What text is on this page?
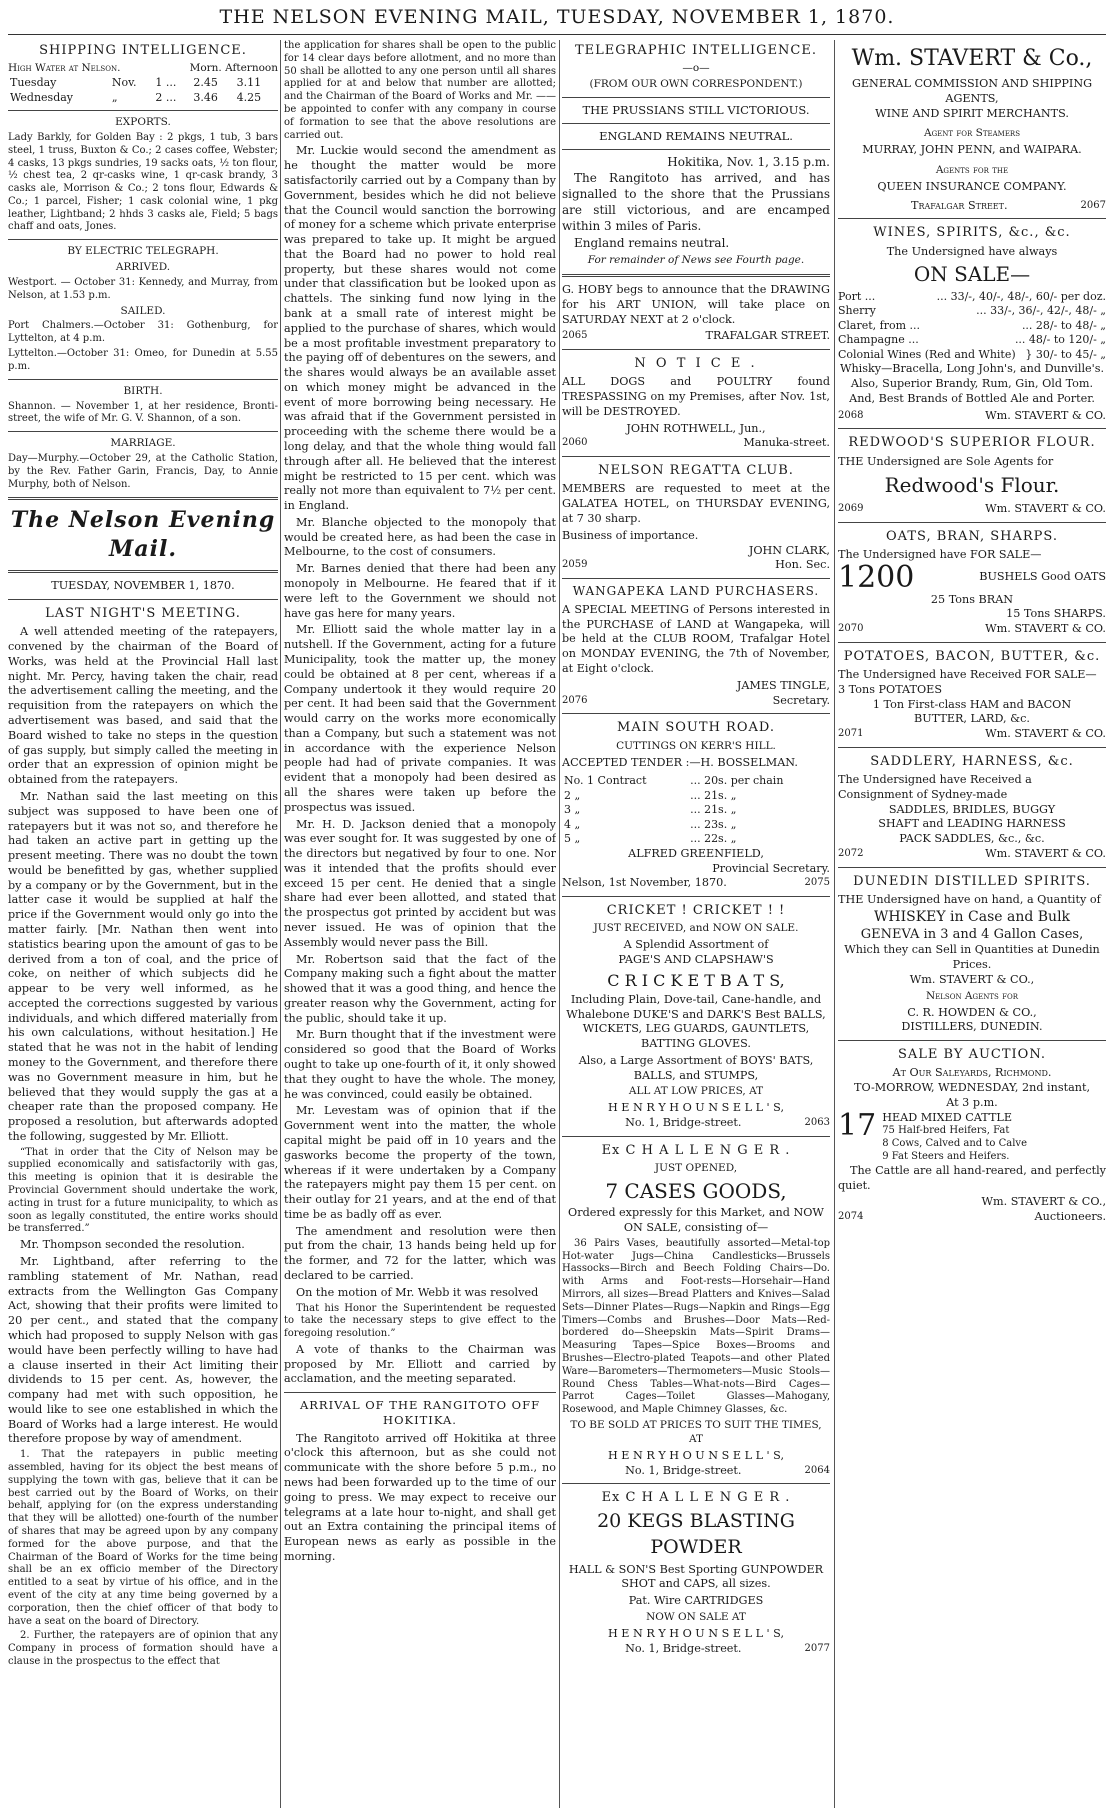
THE NELSON EVENING MAIL, TUESDAY, NOVEMBER 1, 1870.
SHIPPING INTELLIGENCE.
High Water at Nelson.	Morn. Afternoon
Tuesday	Nov.	1 ...	2.45	3.11
Wednesday	„	2 ...	3.46	4.25
EXPORTS.

Lady Barkly, for Golden Bay : 2 pkgs, 1 tub, 3 bars steel, 1 truss, Buxton & Co.; 2 cases coffee, Webster; 4 casks, 13 pkgs sundries, 19 sacks oats, ½ ton flour, ½ chest tea, 2 qr-casks wine, 1 qr-cask brandy, 3 casks ale, Morrison & Co.; 2 tons flour, Edwards & Co.; 1 parcel, Fisher; 1 cask colonial wine, 1 pkg leather, Lightband; 2 hhds 3 casks ale, Field; 5 bags chaff and oats, Jones.

BY ELECTRIC TELEGRAPH.
ARRIVED.

Westport. — October 31: Kennedy, and Murray, from Nelson, at 1.53 p.m.

SAILED.

Port Chalmers.—October 31: Gothenburg, for Lyttelton, at 4 p.m.

Lyttelton.—October 31: Omeo, for Dunedin at 5.55 p.m.

BIRTH.

Shannon. — November 1, at her residence, Bronti-street, the wife of Mr. G. V. Shannon, of a son.

MARRIAGE.

Day—Murphy.—October 29, at the Catholic Station, by the Rev. Father Garin, Francis, Day, to Annie Murphy, both of Nelson.

The Nelson Evening Mail.
TUESDAY, NOVEMBER 1, 1870.
LAST NIGHT'S MEETING.

A well attended meeting of the ratepayers, convened by the chairman of the Board of Works, was held at the Provincial Hall last night. Mr. Percy, having taken the chair, read the advertisement calling the meeting, and the requisition from the ratepayers on which the advertisement was based, and said that the Board wished to take no steps in the question of gas supply, but simply called the meeting in order that an expression of opinion might be obtained from the ratepayers.

Mr. Nathan said the last meeting on this subject was supposed to have been one of ratepayers but it was not so, and therefore he had taken an active part in getting up the present meeting. There was no doubt the town would be benefitted by gas, whether supplied by a company or by the Government, but in the latter case it would be supplied at half the price if the Government would only go into the matter fairly. [Mr. Nathan then went into statistics bearing upon the amount of gas to be derived from a ton of coal, and the price of coke, on neither of which subjects did he appear to be very well informed, as he accepted the corrections suggested by various individuals, and which differed materially from his own calculations, without hesitation.] He stated that he was not in the habit of lending money to the Government, and therefore there was no Government measure in him, but he believed that they would supply the gas at a cheaper rate than the proposed company. He proposed a resolution, but afterwards adopted the following, suggested by Mr. Elliott.

“That in order that the City of Nelson may be supplied economically and satisfactorily with gas, this meeting is opinion that it is desirable the Provincial Government should undertake the work, acting in trust for a future municipality, to which as soon as legally constituted, the entire works should be transferred.”

Mr. Thompson seconded the resolution.

Mr. Lightband, after referring to the rambling statement of Mr. Nathan, read extracts from the Wellington Gas Company Act, showing that their profits were limited to 20 per cent., and stated that the company which had proposed to supply Nelson with gas would have been perfectly willing to have had a clause inserted in their Act limiting their dividends to 15 per cent. As, however, the company had met with such opposition, he would like to see one established in which the Board of Works had a large interest. He would therefore propose by way of amendment.

1. That the ratepayers in public meeting assembled, having for its object the best means of supplying the town with gas, believe that it can be best carried out by the Board of Works, on their behalf, applying for (on the express understanding that they will be allotted) one-fourth of the number of shares that may be agreed upon by any company formed for the above purpose, and that the Chairman of the Board of Works for the time being shall be an ex officio member of the Directory entitled to a seat by virtue of his office, and in the event of the city at any time being governed by a corporation, then the chief officer of that body to have a seat on the board of Directory.

2. Further, the ratepayers are of opinion that any Company in process of formation should have a clause in the prospectus to the effect that

the application for shares shall be open to the public for 14 clear days before allotment, and no more than 50 shall be allotted to any one person until all shares applied for at and below that number are allotted; and the Chairman of the Board of Works and Mr. —— be appointed to confer with any company in course of formation to see that the above resolutions are carried out.

Mr. Luckie would second the amendment as he thought the matter would be more satisfactorily carried out by a Company than by Government, besides which he did not believe that the Council would sanction the borrowing of money for a scheme which private enterprise was prepared to take up. It might be argued that the Board had no power to hold real property, but these shares would not come under that classification but be looked upon as chattels. The sinking fund now lying in the bank at a small rate of interest might be applied to the purchase of shares, which would be a most profitable investment preparatory to the paying off of debentures on the sewers, and the shares would always be an available asset on which money might be advanced in the event of more borrowing being necessary. He was afraid that if the Government persisted in proceeding with the scheme there would be a long delay, and that the whole thing would fall through after all. He believed that the interest might be restricted to 15 per cent. which was really not more than equivalent to 7½ per cent. in England.

Mr. Blanche objected to the monopoly that would be created here, as had been the case in Melbourne, to the cost of consumers.

Mr. Barnes denied that there had been any monopoly in Melbourne. He feared that if it were left to the Government we should not have gas here for many years.

Mr. Elliott said the whole matter lay in a nutshell. If the Government, acting for a future Municipality, took the matter up, the money could be obtained at 8 per cent, whereas if a Company undertook it they would require 20 per cent. It had been said that the Government would carry on the works more economically than a Company, but such a statement was not in accordance with the experience Nelson people had had of private companies. It was evident that a monopoly had been desired as all the shares were taken up before the prospectus was issued.

Mr. H. D. Jackson denied that a monopoly was ever sought for. It was suggested by one of the directors but negatived by four to one. Nor was it intended that the profits should ever exceed 15 per cent. He denied that a single share had ever been allotted, and stated that the prospectus got printed by accident but was never issued. He was of opinion that the Assembly would never pass the Bill.

Mr. Robertson said that the fact of the Company making such a fight about the matter showed that it was a good thing, and hence the greater reason why the Government, acting for the public, should take it up.

Mr. Burn thought that if the investment were considered so good that the Board of Works ought to take up one-fourth of it, it only showed that they ought to have the whole. The money, he was convinced, could easily be obtained.

Mr. Levestam was of opinion that if the Government went into the matter, the whole capital might be paid off in 10 years and the gasworks become the property of the town, whereas if it were undertaken by a Company the ratepayers might pay them 15 per cent. on their outlay for 21 years, and at the end of that time be as badly off as ever.

The amendment and resolution were then put from the chair, 13 hands being held up for the former, and 72 for the latter, which was declared to be carried.

On the motion of Mr. Webb it was resolved

That his Honor the Superintendent be requested to take the necessary steps to give effect to the foregoing resolution.”

A vote of thanks to the Chairman was proposed by Mr. Elliott and carried by acclamation, and the meeting separated.

ARRIVAL OF THE RANGITOTO OFF HOKITIKA.

The Rangitoto arrived off Hokitika at three o'clock this afternoon, but as she could not communicate with the shore before 5 p.m., no news had been forwarded up to the time of our going to press. We may expect to receive our telegrams at a late hour to-night, and shall get out an Extra containing the principal items of European news as early as possible in the morning.

TELEGRAPHIC INTELLIGENCE.
—o—
(FROM OUR OWN CORRESPONDENT.)
THE PRUSSIANS STILL VICTORIOUS.
ENGLAND REMAINS NEUTRAL.
Hokitika, Nov. 1, 3.15 p.m.

The Rangitoto has arrived, and has signalled to the shore that the Prussians are still victorious, and are encamped within 3 miles of Paris.

England remains neutral.

For remainder of News see Fourth page.

G. HOBY begs to announce that the DRAWING for his ART UNION, will take place on SATURDAY NEXT at 2 o'clock.

2065	TRAFALGAR STREET.
N O T I C E .

ALL DOGS and POULTRY found TRESPASSING on my Premises, after Nov. 1st, will be DESTROYED.

JOHN ROTHWELL, Jun.,
2060	Manuka-street.
NELSON REGATTA CLUB.

MEMBERS are requested to meet at the GALATEA HOTEL, on THURSDAY EVENING, at 7 30 sharp.

Business of importance.
JOHN CLARK,
2059	Hon. Sec.
WANGAPEKA LAND PURCHASERS.

A SPECIAL MEETING of Persons interested in the PURCHASE of LAND at Wangapeka, will be held at the CLUB ROOM, Trafalgar Hotel on MONDAY EVENING, the 7th of November, at Eight o'clock.

JAMES TINGLE,
2076	Secretary.
MAIN SOUTH ROAD.
CUTTINGS ON KERR'S HILL.
ACCEPTED TENDER :—H. BOSSELMAN.
No. 1 Contract	... 20s. per chain
2 „	... 21s. „
3 „	... 21s. „
4 „	... 23s. „
5 „	... 22s. „
ALFRED GREENFIELD,
Provincial Secretary.
Nelson, 1st November, 1870.	2075
CRICKET ! CRICKET ! !
JUST RECEIVED, and NOW ON SALE.
A Splendid Assortment of
PAGE'S AND CLAPSHAW'S
C R I C K E T B A T S,

Including Plain, Dove-tail, Cane-handle, and Whalebone DUKE'S and DARK'S Best BALLS, WICKETS, LEG GUARDS, GAUNTLETS, BATTING GLOVES.

Also, a Large Assortment of BOYS' BATS, BALLS, and STUMPS,

ALL AT LOW PRICES, AT
H E N R Y H O U N S E L L ' S,
No. 1, Bridge-street.	2063
Ex C H A L L E N G E R .
JUST OPENED,
7 CASES GOODS,

Ordered expressly for this Market, and NOW ON SALE, consisting of—

36 Pairs Vases, beautifully assorted—Metal-top Hot-water Jugs—China Candlesticks—Brussels Hassocks—Birch and Beech Folding Chairs—Do. with Arms and Foot-rests—Horsehair—Hand Mirrors, all sizes—Bread Platters and Knives—Salad Sets—Dinner Plates—Rugs—Napkin and Rings—Egg Timers—Combs and Brushes—Door Mats—Red-bordered do—Sheepskin Mats—Spirit Drams—Measuring Tapes—Spice Boxes—Brooms and Brushes—Electro-plated Teapots—and other Plated Ware—Barometers—Thermometers—Music Stools—Round Chess Tables—What-nots—Bird Cages—Parrot Cages—Toilet Glasses—Mahogany, Rosewood, and Maple Chimney Glasses, &c.

TO BE SOLD AT PRICES TO SUIT THE TIMES, AT
H E N R Y H O U N S E L L ' S,
No. 1, Bridge-street.	2064
Ex C H A L L E N G E R .
20 KEGS BLASTING POWDER

HALL & SON'S Best Sporting GUNPOWDER SHOT and CAPS, all sizes.

Pat. Wire CARTRIDGES
NOW ON SALE AT
H E N R Y H O U N S E L L ' S,
No. 1, Bridge-street.	2077
Wm. STAVERT & Co.,
GENERAL COMMISSION AND SHIPPING AGENTS,
WINE AND SPIRIT MERCHANTS.
Agent for Steamers
MURRAY, JOHN PENN, and WAIPARA.
Agents for the
QUEEN INSURANCE COMPANY.
Trafalgar Street.	2067
WINES, SPIRITS, &c., &c.
The Undersigned have always
ON SALE—
Port ...	... 33/-, 40/-, 48/-, 60/- per doz.
Sherry	... 33/-, 36/-, 42/-, 48/- „
Claret, from ...	... 28/- to 48/- „
Champagne ...	... 48/- to 120/- „
Colonial Wines (Red and White) } 30/- to 45/- „

Whisky—Bracella, Long John's, and Dunville's. Also, Superior Brandy, Rum, Gin, Old Tom. And, Best Brands of Bottled Ale and Porter.

2068	Wm. STAVERT & CO.
REDWOOD'S SUPERIOR FLOUR.
THE Undersigned are Sole Agents for
Redwood's Flour.
2069	Wm. STAVERT & CO.
OATS, BRAN, SHARPS.
The Undersigned have FOR SALE—
1200	BUSHELS Good OATS
25 Tons BRAN
15 Tons SHARPS.
2070	Wm. STAVERT & CO.
POTATOES, BACON, BUTTER, &c.
The Undersigned have Received FOR SALE—
3 Tons POTATOES
1 Ton First-class HAM and BACON
BUTTER, LARD, &c.
2071	Wm. STAVERT & CO.
SADDLERY, HARNESS, &c.
The Undersigned have Received a Consignment of Sydney-made
SADDLES, BRIDLES, BUGGY
SHAFT and LEADING HARNESS
PACK SADDLES, &c., &c.
2072	Wm. STAVERT & CO.
DUNEDIN DISTILLED SPIRITS.
THE Undersigned have on hand, a Quantity of
WHISKEY in Case and Bulk
GENEVA in 3 and 4 Gallon Cases,
Which they can Sell in Quantities at Dunedin Prices.
Wm. STAVERT & CO.,
Nelson Agents for
C. R. HOWDEN & CO.,
DISTILLERS, DUNEDIN.
SALE BY AUCTION.
At Our Saleyards, Richmond.
TO-MORROW, WEDNESDAY, 2nd instant,
At 3 p.m.
17 HEAD MIXED CATTLE
75 Half-bred Heifers, Fat
8 Cows, Calved and to Calve
9 Fat Steers and Heifers.

The Cattle are all hand-reared, and perfectly quiet.

Wm. STAVERT & CO.,
2074	Auctioneers.
